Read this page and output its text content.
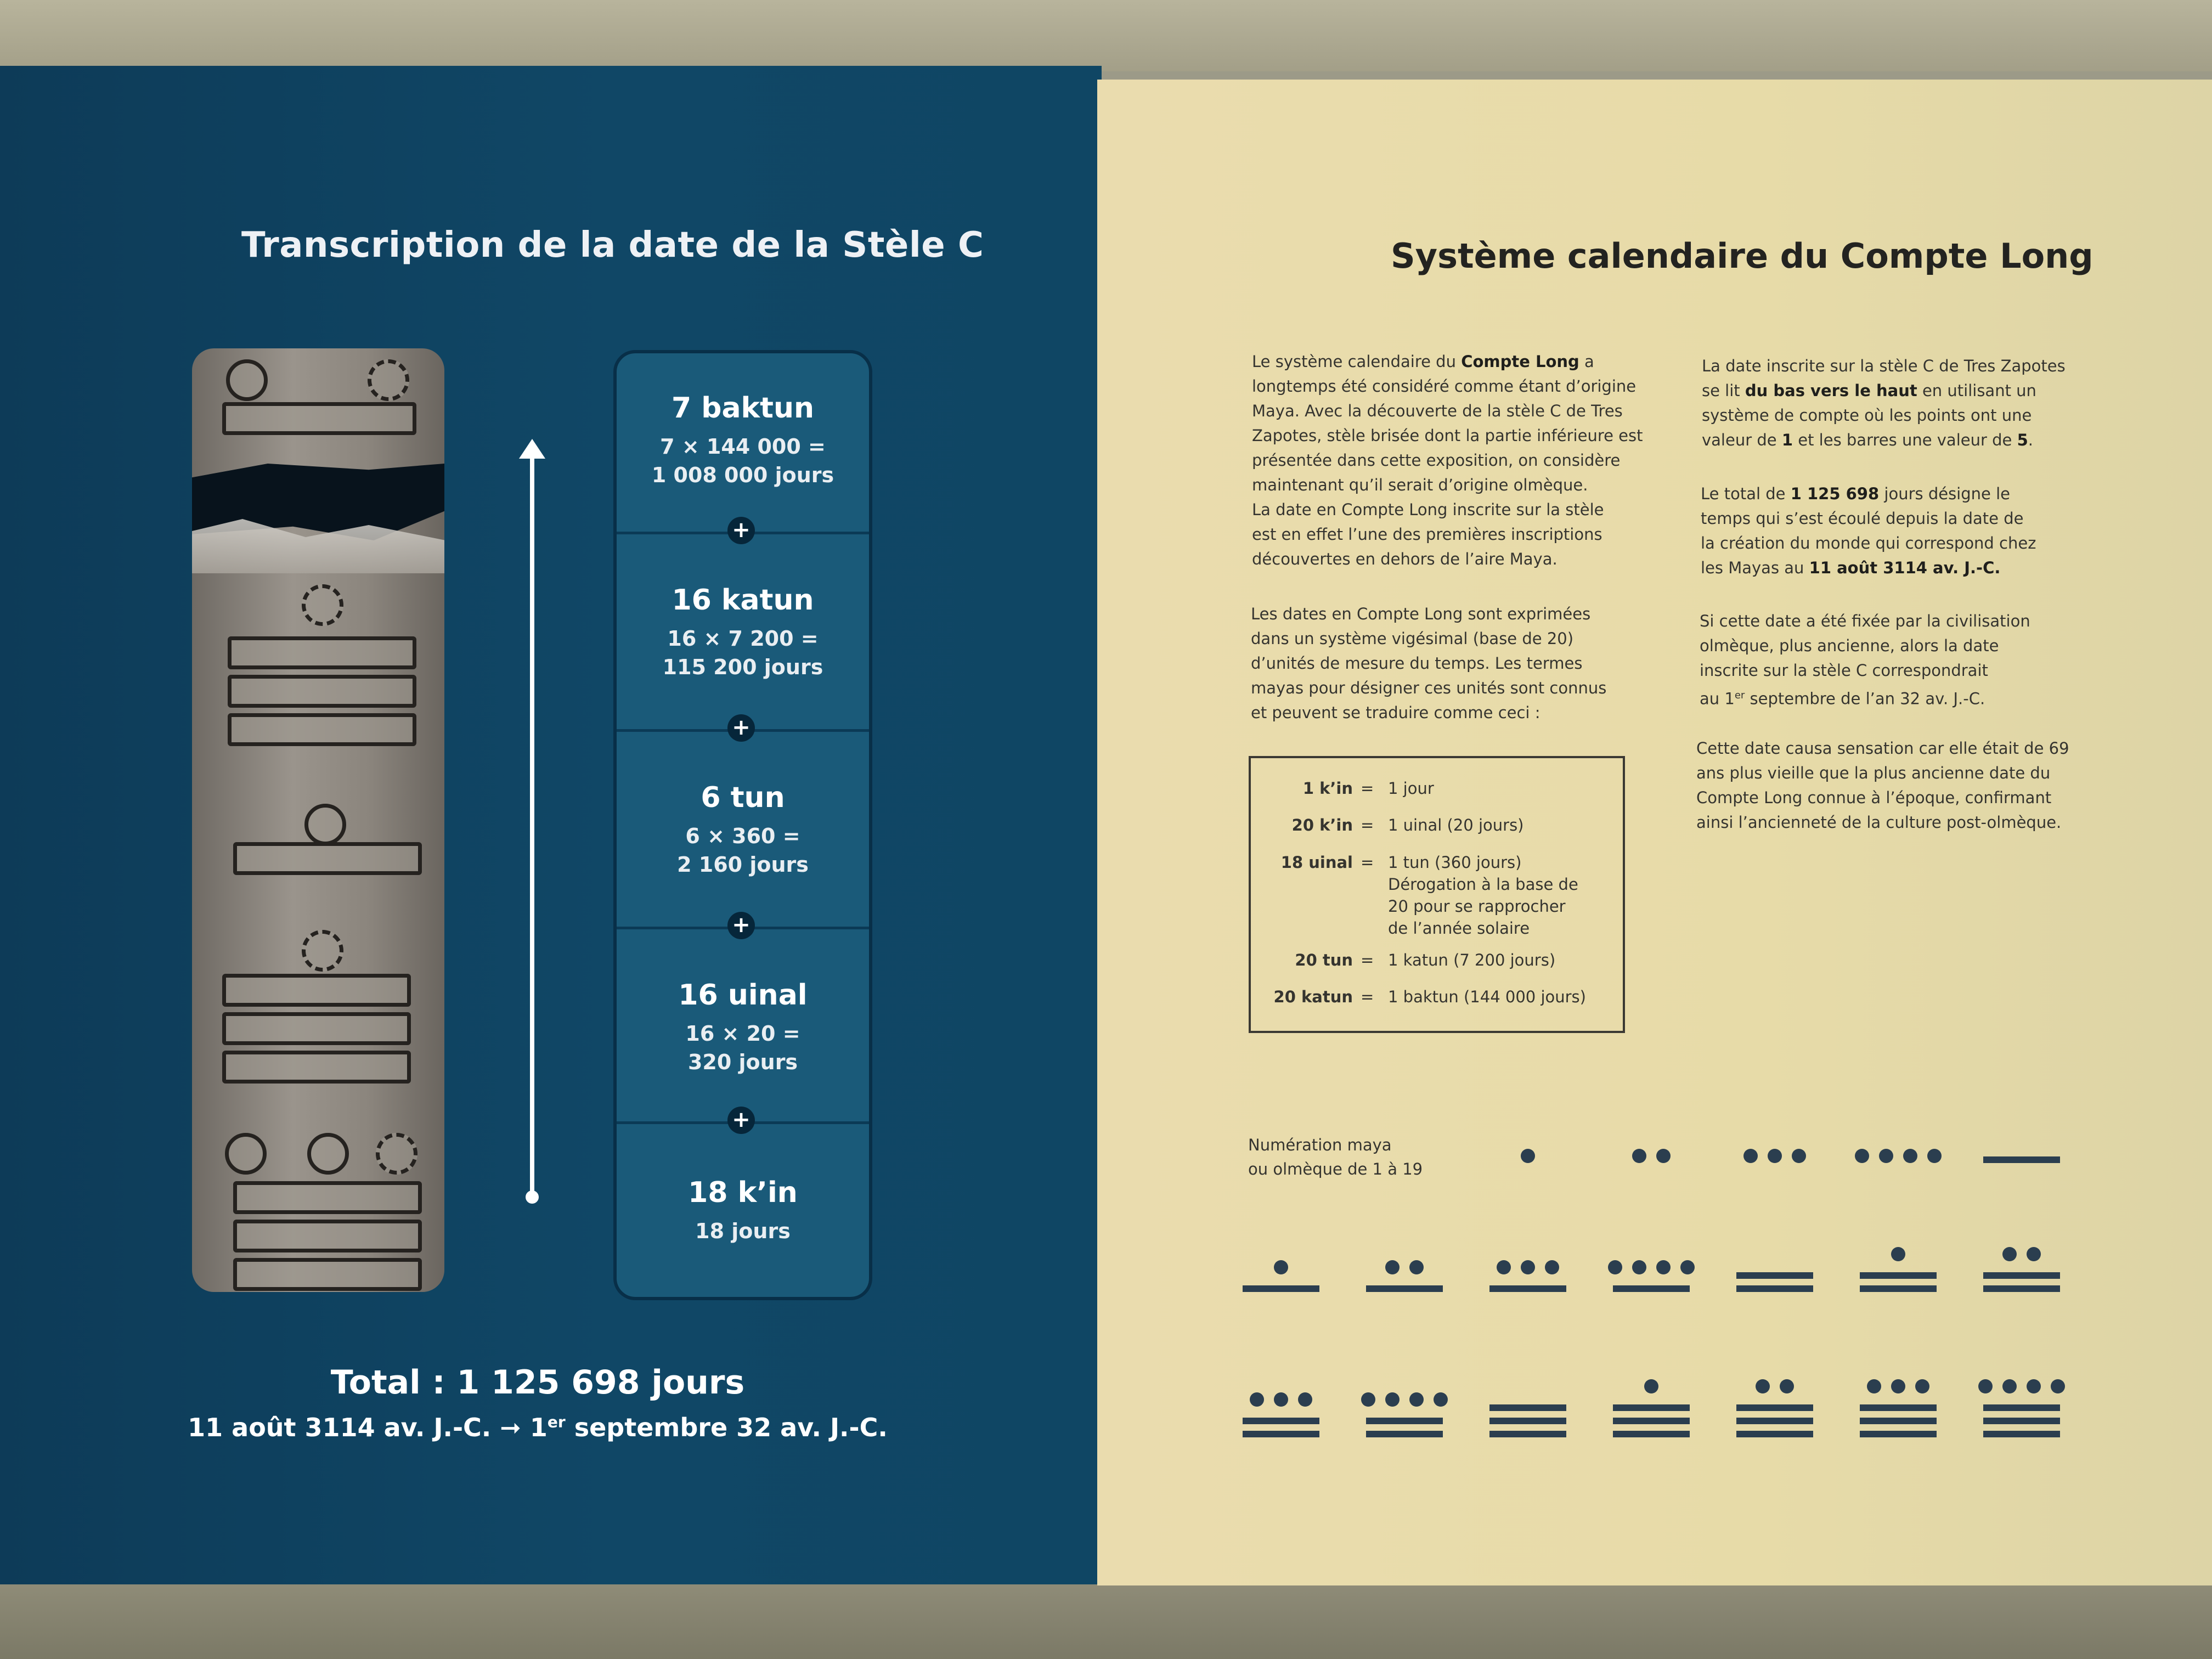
Transcription de la date de la Stèle C
7 baktun
7 × 144 000 =
1 008 000 jours
16 katun
16 × 7 200 =
115 200 jours
6 tun
6 × 360 =
2 160 jours
16 uinal
16 × 20 =
320 jours
18 k’in
18 jours
+
+
+
+
Total : 1 125 698 jours
11 août 3114 av. J.-C. ➞ 1er septembre 32 av. J.-C.
Système calendaire du Compte Long
Le système calendaire du Compte Long a
longtemps été considéré comme étant d’origine
Maya. Avec la découverte de la stèle C de Tres
Zapotes, stèle brisée dont la partie inférieure est
présentée dans cette exposition, on considère
maintenant qu’il serait d’origine olmèque.
La date en Compte Long inscrite sur la stèle
est en effet l’une des premières inscriptions
découvertes en dehors de l’aire Maya.
Les dates en Compte Long sont exprimées
dans un système vigésimal (base de 20)
d’unités de mesure du temps. Les termes
mayas pour désigner ces unités sont connus
et peuvent se traduire comme ceci :
1 k’in = 1 jour
20 k’in = 1 uinal (20 jours)
18 uinal = 1 tun (360 jours)
Dérogation à la base de
20 pour se rapprocher
de l’année solaire
20 tun = 1 katun (7 200 jours)
20 katun = 1 baktun (144 000 jours)
La date inscrite sur la stèle C de Tres Zapotes
se lit du bas vers le haut en utilisant un
système de compte où les points ont une
valeur de 1 et les barres une valeur de 5.
Le total de 1 125 698 jours désigne le
temps qui s’est écoulé depuis la date de
la création du monde qui correspond chez
les Mayas au 11 août 3114 av. J.-C.
Si cette date a été fixée par la civilisation
olmèque, plus ancienne, alors la date
inscrite sur la stèle C correspondrait
au 1er septembre de l’an 32 av. J.-C.
Cette date causa sensation car elle était de 69
ans plus vieille que la plus ancienne date du
Compte Long connue à l’époque, confirmant
ainsi l’ancienneté de la culture post-olmèque.
Numération maya
ou olmèque de 1 à 19
